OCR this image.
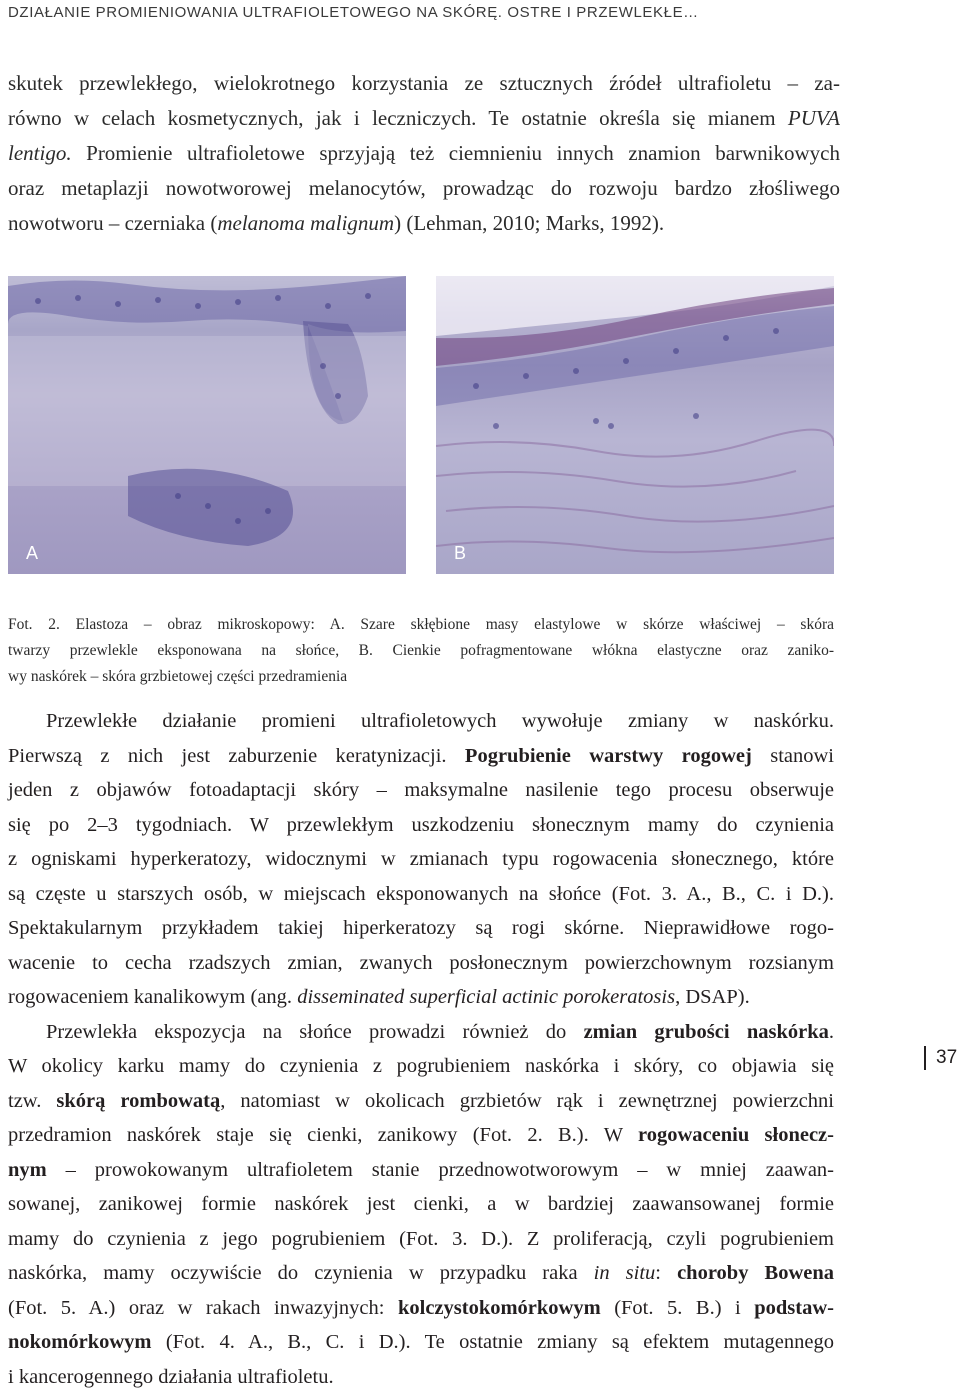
DZIAŁANIE PROMIENIOWANIA ULTRAFIOLETOWEGO NA SKÓRĘ. OSTRE I PRZEWLEKŁE…
skutek przewlekłego, wielokrotnego korzystania ze sztucznych źródeł ultrafioletu – za-
równo w celach kosmetycznych, jak i leczniczych. Te ostatnie określa się mianem PUVA
lentigo. Promienie ultrafioletowe sprzyjają też ciemnieniu innych znamion barwnikowych
oraz metaplazji nowotworowej melanocytów, prowadząc do rozwoju bardzo złośliwego
nowotworu – czerniaka (melanoma malignum) (Lehman, 2010; Marks, 1992).
A	B
Fot. 2. Elastoza – obraz mikroskopowy: A. Szare skłębione masy elastylowe w skórze właściwej – skóra
twarzy przewlekle eksponowana na słońce, B. Cienkie pofragmentowane włókna elastyczne oraz zaniko-
wy naskórek – skóra grzbietowej części przedramienia
Przewlekłe działanie promieni ultrafioletowych wywołuje zmiany w naskórku.
Pierwszą z nich jest zaburzenie keratynizacji. Pogrubienie warstwy rogowej stanowi
jeden z objawów fotoadaptacji skóry – maksymalne nasilenie tego procesu obserwuje
się po 2–3 tygodniach. W przewlekłym uszkodzeniu słonecznym mamy do czynienia
z ogniskami hyperkeratozy, widocznymi w zmianach typu rogowacenia słonecznego, które
są częste u starszych osób, w miejscach eksponowanych na słońce (Fot. 3. A., B., C. i D.).
Spektakularnym przykładem takiej hiperkeratozy są rogi skórne. Nieprawidłowe rogo-
wacenie to cecha rzadszych zmian, zwanych posłonecznym powierzchownym rozsianym
rogowaceniem kanalikowym (ang. disseminated superficial actinic porokeratosis, DSAP).
Przewlekła ekspozycja na słońce prowadzi również do zmian grubości naskórka.
W okolicy karku mamy do czynienia z pogrubieniem naskórka i skóry, co objawia się
tzw. skórą rombowatą, natomiast w okolicach grzbietów rąk i zewnętrznej powierzchni
przedramion naskórek staje się cienki, zanikowy (Fot. 2. B.). W rogowaceniu słonecz-
nym – prowokowanym ultrafioletem stanie przednowotworowym – w mniej zaawan-
sowanej, zanikowej formie naskórek jest cienki, a w bardziej zaawansowanej formie
mamy do czynienia z jego pogrubieniem (Fot. 3. D.). Z proliferacją, czyli pogrubieniem
naskórka, mamy oczywiście do czynienia w przypadku raka in situ: choroby Bowena
(Fot. 5. A.) oraz w rakach inwazyjnych: kolczystokomórkowym (Fot. 5. B.) i podstaw-
nokomórkowym (Fot. 4. A., B., C. i D.). Te ostatnie zmiany są efektem mutagennego
i kancerogennego działania ultrafioletu.
37
